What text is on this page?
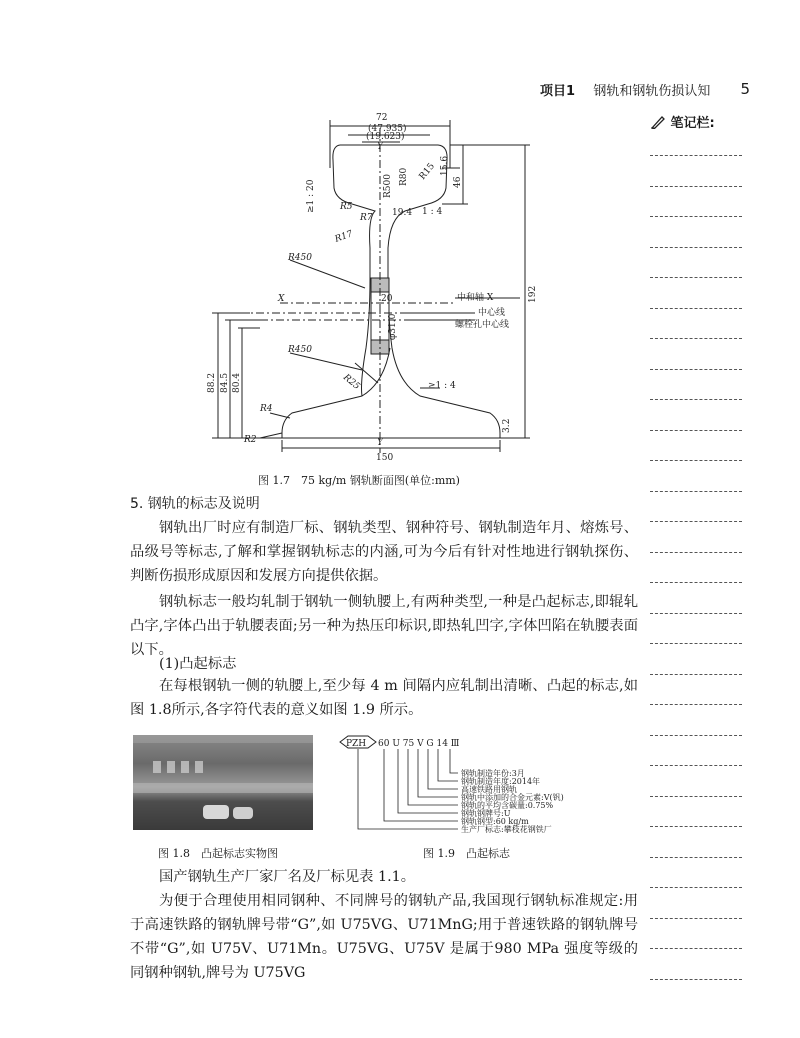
项目1 钢轨和钢轨伤损认知 5
笔记栏:
72
(47.935)
(19.623)
Y
R500 R80 R15 15.6
46
≥1 : 20	R5
R7 19.4 1 : 4
R17
R450
X	20	中和轴 X	192
中心线
φ31.0	螺栓孔中心线
R450
88.2 84.5 80.4	R25	≥1 : 4
R4
3.2
R2	Y
150
图 1.7　75 kg/m 钢轨断面图(单位:mm)
5. 钢轨的标志及说明
钢轨出厂时应有制造厂标、钢轨类型、钢种符号、钢轨制造年月、熔炼号、品级号等标志,了解和掌握钢轨标志的内涵,可为今后有针对性地进行钢轨探伤、判断伤损形成原因和发展方向提供依据。
钢轨标志一般均轧制于钢轨一侧轨腰上,有两种类型,一种是凸起标志,即辊轧凸字,字体凸出于轨腰表面;另一种为热压印标识,即热轧凹字,字体凹陷在轨腰表面以下。
(1)凸起标志
在每根钢轨一侧的轨腰上,至少每 4 m 间隔内应轧制出清晰、凸起的标志,如图 1.8所示,各字符代表的意义如图 1.9 所示。
图 1.8　凸起标志实物图
PZH 60 U 75 V G 14 Ⅲ
钢轨制造年份:3月
钢轨制造年度:2014年
高速铁路用钢轨
钢轨中添加的合金元素:V(钒)
钢轨的平均含碳量:0.75%
钢轨钢牌号:U
钢轨钢型:60 kg/m
生产厂标志:攀枝花钢铁厂
图 1.9　凸起标志
国产钢轨生产厂家厂名及厂标见表 1.1。
为便于合理使用相同钢种、不同牌号的钢轨产品,我国现行钢轨标准规定:用于高速铁路的钢轨牌号带“G”,如 U75VG、U71MnG;用于普速铁路的钢轨牌号不带“G”,如 U75V、U71Mn。U75VG、U75V 是属于980 MPa 强度等级的同钢种钢轨,牌号为 U75VG
